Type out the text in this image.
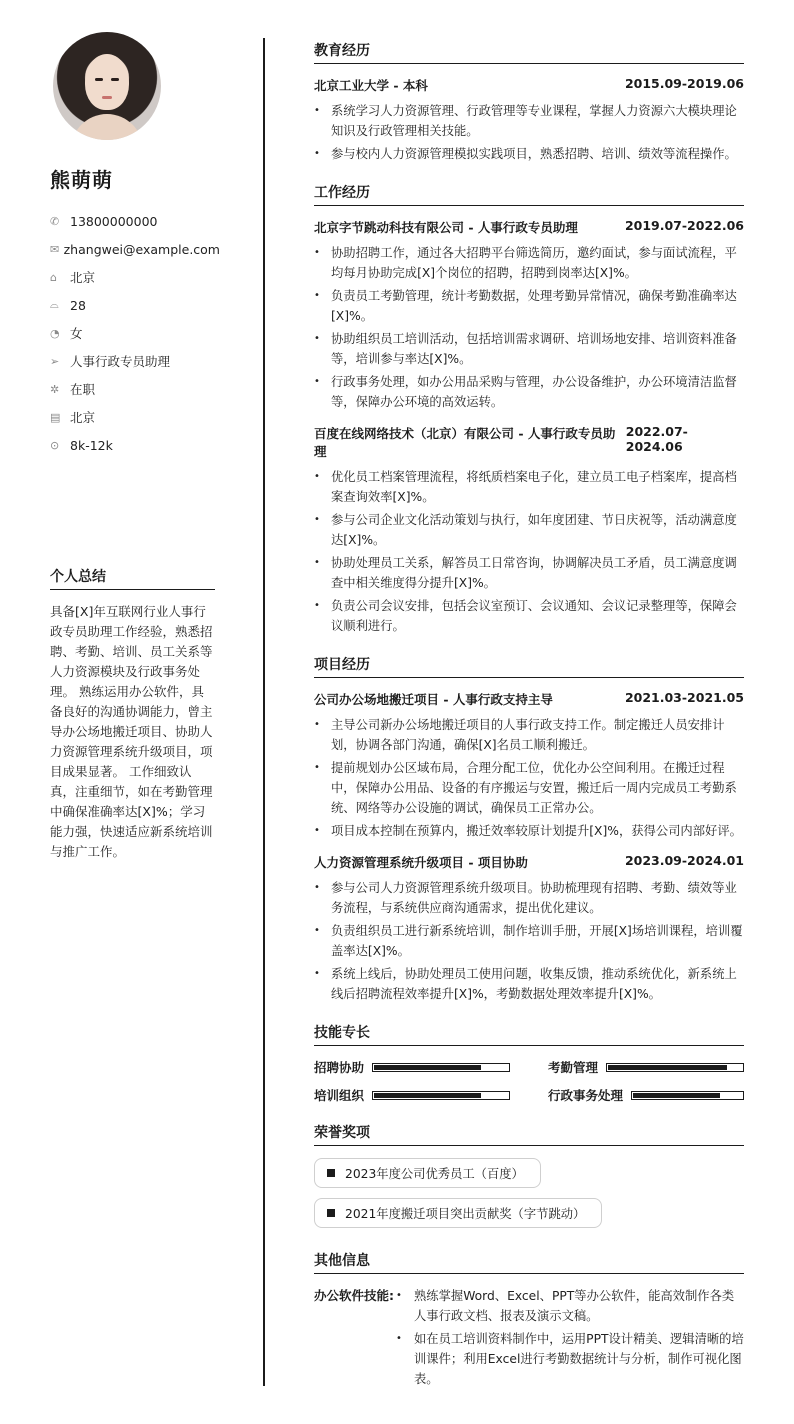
熊萌萌
✆ 13800000000
✉ zhangwei@example.com
⌂	北京
⌓ 28
◔ 女
➢ 人事行政专员助理
✲ 在职
▤ 北京
⊙ 8k-12k
个人总结
具备[X]年互联网行业人事行政专员助理工作经验，熟悉招聘、考勤、培训、员工关系等人力资源模块及行政事务处理。 熟练运用办公软件，具备良好的沟通协调能力，曾主导办公场地搬迁项目、协助人力资源管理系统升级项目，项目成果显著。 工作细致认真，注重细节，如在考勤管理中确保准确率达[X]%；学习能力强，快速适应新系统培训与推广工作。
教育经历
北京工业大学 - 本科	2015.09-2019.06
• 系统学习人力资源管理、行政管理等专业课程，掌握人力资源六大模块理论知识及行政管理相关技能。
• 参与校内人力资源管理模拟实践项目，熟悉招聘、培训、绩效等流程操作。
工作经历
北京字节跳动科技有限公司 - 人事行政专员助理	2019.07-2022.06
• 协助招聘工作，通过各大招聘平台筛选简历，邀约面试，参与面试流程，平均每月协助完成[X]个岗位的招聘，招聘到岗率达[X]%。
• 负责员工考勤管理，统计考勤数据，处理考勤异常情况，确保考勤准确率达[X]%。
• 协助组织员工培训活动，包括培训需求调研、培训场地安排、培训资料准备等，培训参与率达[X]%。
• 行政事务处理，如办公用品采购与管理，办公设备维护，办公环境清洁监督等，保障办公环境的高效运转。
百度在线网络技术（北京）有限公司 - 人事行政专员助理
2022.07-2024.06
• 优化员工档案管理流程，将纸质档案电子化，建立员工电子档案库，提高档案查询效率[X]%。
• 参与公司企业文化活动策划与执行，如年度团建、节日庆祝等，活动满意度达[X]%。
• 协助处理员工关系，解答员工日常咨询，协调解决员工矛盾，员工满意度调查中相关维度得分提升[X]%。
• 负责公司会议安排，包括会议室预订、会议通知、会议记录整理等，保障会议顺利进行。
项目经历
公司办公场地搬迁项目 - 人事行政支持主导	2021.03-2021.05
• 主导公司新办公场地搬迁项目的人事行政支持工作。制定搬迁人员安排计划，协调各部门沟通，确保[X]名员工顺利搬迁。
• 提前规划办公区域布局，合理分配工位，优化办公空间利用。在搬迁过程中，保障办公用品、设备的有序搬运与安置，搬迁后一周内完成员工考勤系统、网络等办公设施的调试，确保员工正常办公。
• 项目成本控制在预算内，搬迁效率较原计划提升[X]%，获得公司内部好评。
人力资源管理系统升级项目 - 项目协助	2023.09-2024.01
• 参与公司人力资源管理系统升级项目。协助梳理现有招聘、考勤、绩效等业务流程，与系统供应商沟通需求，提出优化建议。
• 负责组织员工进行新系统培训，制作培训手册，开展[X]场培训课程，培训覆盖率达[X]%。
• 系统上线后，协助处理员工使用问题，收集反馈，推动系统优化，新系统上线后招聘流程效率提升[X]%，考勤数据处理效率提升[X]%。
技能专长
招聘协助	考勤管理
培训组织	行政事务处理
荣誉奖项
2023年度公司优秀员工（百度）
2021年度搬迁项目突出贡献奖（字节跳动）
其他信息
办公软件技能:
•	熟练掌握Word、Excel、PPT等办公软件，能高效制作各类人事行政文档、报表及演示文稿。
• 如在员工培训资料制作中，运用PPT设计精美、逻辑清晰的培训课件；利用Excel进行考勤数据统计与分析，制作可视化图表。
